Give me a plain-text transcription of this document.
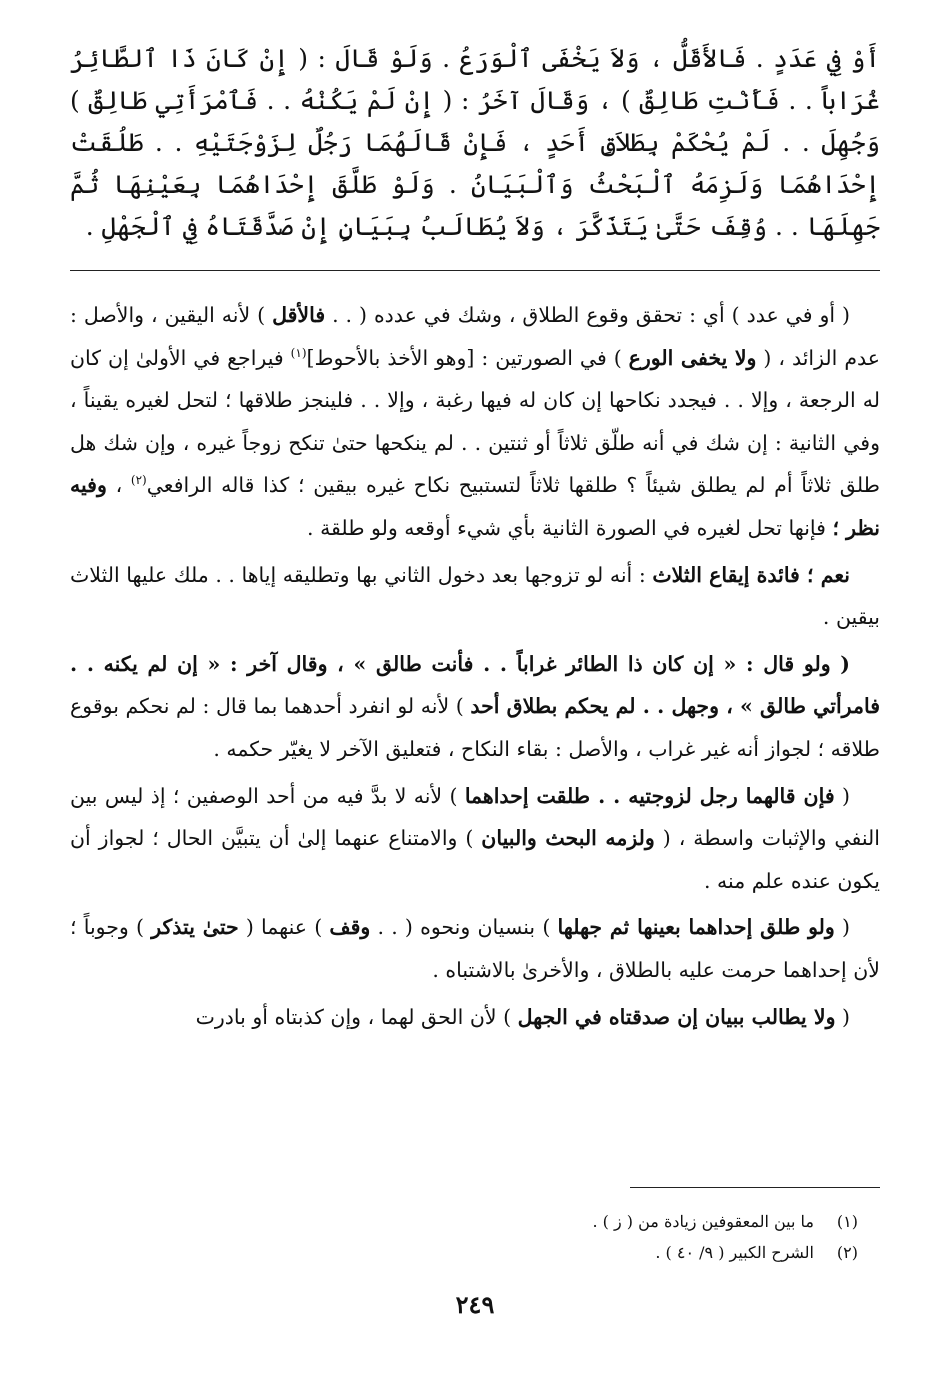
أَوْ فِي عَدَدٍ . فَالأَقَلُّ ، وَلاَ يَخْفَى ٱلْوَرَعُ . وَلَوْ قَالَ : ( إِنْ كَانَ ذَا ٱلطَّائِرُ غُرَاباً . . فَأَنْتِ طَالِقٌ ) ، وَقَالَ آخَرُ : ( إِنْ لَمْ يَكُنْهُ . . فَٱمْرَأَتِي طَالِقٌ ) وَجُهِلَ . . لَمْ يُحْكَمْ بِطَلاَقِ أَحَدٍ ، فَإِنْ قَالَهُمَا رَجُلٌ لِزَوْجَتَيْهِ . . طَلُقَتْ إِحْدَاهُمَا وَلَزِمَهُ ٱلْبَحْثُ وَٱلْبَيَانُ . وَلَوْ طَلَّقَ إِحْدَاهُمَا بِعَيْنِهَا ثُمَّ جَهِلَهَا . . وُقِفَ حَتَّىٰ يَتَذَكَّرَ ، وَلاَ يُطَالَبُ بِبَيَانٍ إِنْ صَدَّقَتَاهُ فِي ٱلْجَهْلِ .

( أو في عدد ) أي : تحقق وقوع الطلاق ، وشك في عدده ( . . فالأقل ) لأنه اليقين ، والأصل : عدم الزائد ، ( ولا يخفى الورع ) في الصورتين : [وهو الأخذ بالأحوط]$^{(١)}$ فيراجع في الأولىٰ إن كان له الرجعة ، وإلا . . فيجدد نكاحها إن كان له فيها رغبة ، وإلا . . فلينجز طلاقها ؛ لتحل لغيره يقيناً ، وفي الثانية : إن شك في أنه طلّق ثلاثاً أو ثنتين . . لم ينكحها حتىٰ تنكح زوجاً غيره ، وإن شك هل طلق ثلاثاً أم لم يطلق شيئاً ؟ طلقها ثلاثاً لتستبيح نكاح غيره بيقين ؛ كذا قاله الرافعي$^{(٢)}$ ، وفيه نظر ؛ فإنها تحل لغيره في الصورة الثانية بأي شيء أوقعه ولو طلقة .

نعم ؛ فائدة إيقاع الثلاث : أنه لو تزوجها بعد دخول الثاني بها وتطليقه إياها . . ملك عليها الثلاث بيقين .

( ولو قال : « إن كان ذا الطائر غراباً . . فأنت طالق » ، وقال آخر : « إن لم يكنه . . فامرأتي طالق » ، وجهل . . لم يحكم بطلاق أحد ) لأنه لو انفرد أحدهما بما قال : لم نحكم بوقوع طلاقه ؛ لجواز أنه غير غراب ، والأصل : بقاء النكاح ، فتعليق الآخر لا يغيّر حكمه .

( فإن قالهما رجل لزوجتيه . . طلقت إحداهما ) لأنه لا بدَّ فيه من أحد الوصفين ؛ إذ ليس بين النفي والإثبات واسطة ، ( ولزمه البحث والبيان ) والامتناع عنهما إلىٰ أن يتبيَّن الحال ؛ لجواز أن يكون عنده علم منه .

( ولو طلق إحداهما بعينها ثم جهلها ) بنسيان ونحوه ( . . وقف ) عنهما ( حتىٰ يتذكر ) وجوباً ؛ لأن إحداهما حرمت عليه بالطلاق ، والأخرىٰ بالاشتباه .

( ولا يطالب ببيان إن صدقتاه في الجهل ) لأن الحق لهما ، وإن كذبتاه أو بادرت

(١)ما بين المعقوفين زيادة من ( ز ) .
(٢)الشرح الكبير ( ٩/ ٤٠ ) .
٢٤٩
